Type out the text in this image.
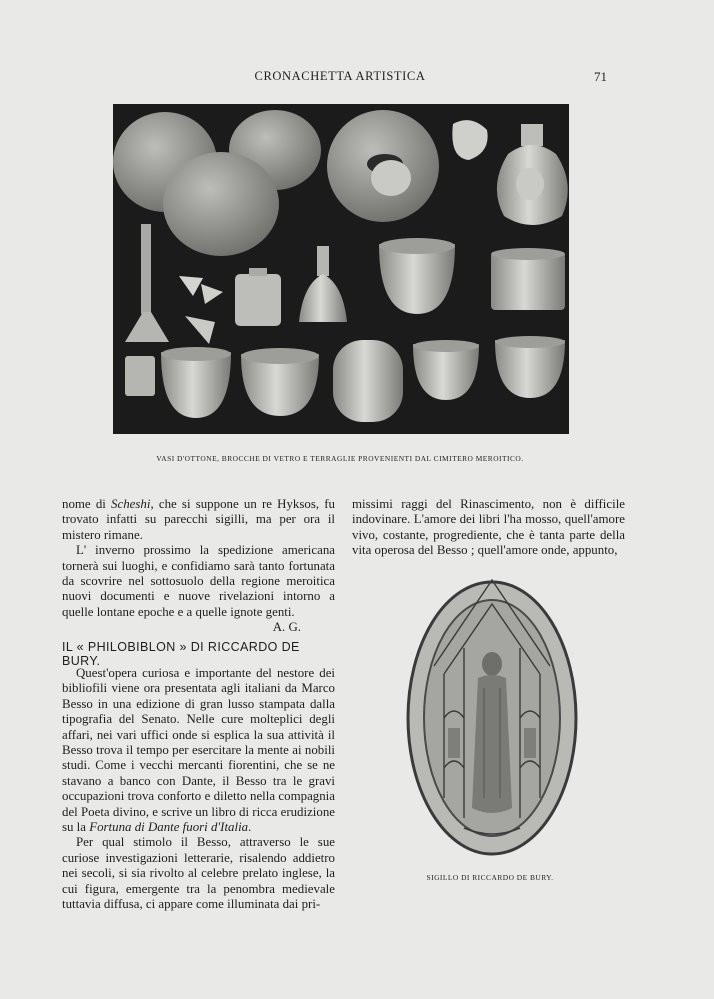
CRONACHETTA ARTISTICA	71
VASI D'OTTONE, BROCCHE DI VETRO E TERRAGLIE PROVENIENTI DAL CIMITERO MEROITICO.

nome di Scheshi, che si suppone un re Hyksos, fu trovato infatti su parecchi sigilli, ma per ora il mistero rimane.

L' inverno prossimo la spedizione americana tornerà sui luoghi, e confidiamo sarà tanto fortunata da scovrire nel sottosuolo della regione meroitica nuovi documenti e nuove rivelazioni intorno a quelle lontane epoche e a quelle ignote genti.

A. G.

missimi raggi del Rinascimento, non è difficile indovinare. L'amore dei libri l'ha mosso, quell'amore vivo, costante, progrediente, che è tanta parte della vita operosa del Besso ; quell'amore onde, appunto,
IL « PHILOBIBLON » DI RICCARDO DE BURY.

Quest'opera curiosa e importante del nestore dei bibliofili viene ora presentata agli italiani da Marco Besso in una edizione di gran lusso stampata dalla tipografia del Senato. Nelle cure molteplici degli affari, nei vari uffici onde si esplica la sua attività il Besso trova il tempo per esercitare la mente ai nobili studi. Come i vecchi mercanti fiorentini, che se ne stavano a banco con Dante, il Besso tra le gravi occupazioni trova conforto e diletto nella compagnia del Poeta divino, e scrive un libro di ricca erudizione su la Fortuna di Dante fuori d'Italia.

Per qual stimolo il Besso, attraverso le sue curiose investigazioni letterarie, risalendo addietro nei secoli, si sia rivolto al celebre prelato inglese, la cui figura, emergente tra la penombra medievale tuttavia diffusa, ci appare come illuminata dai pri-

SIGILLO DI RICCARDO DE BURY.
